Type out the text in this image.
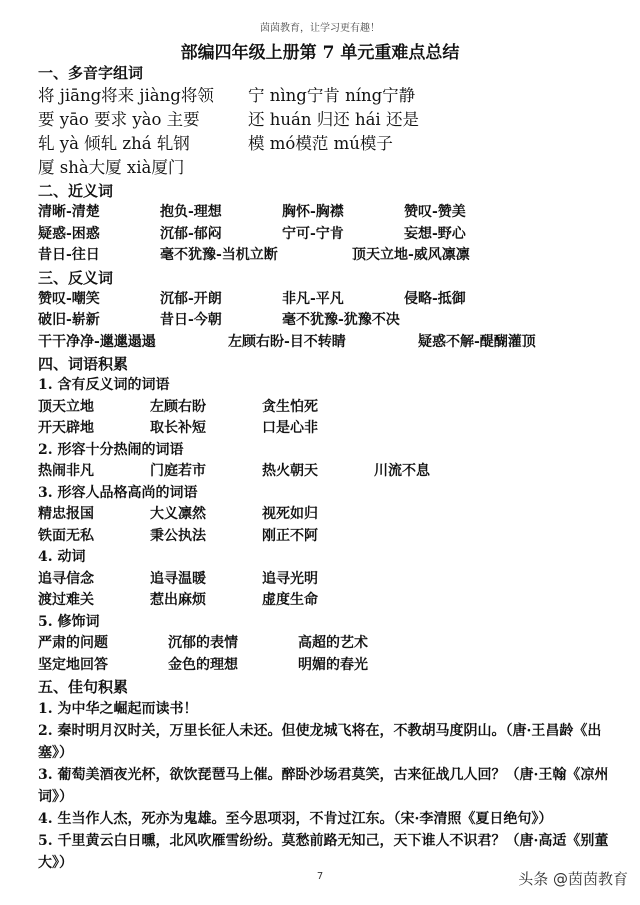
茵茵教育，让学习更有趣！
部编四年级上册第 7 单元重难点总结
一、多音字组词
将 jiāng将来 jiàng将领	宁 nìng宁肯 níng宁静
要 yāo 要求 yào 主要	还 huán 归还 hái 还是
轧 yà 倾轧 zhá 轧钢	模 mó模范 mú模子
厦 shà大厦 xià厦门
二、近义词
清晰-清楚	抱负-理想	胸怀-胸襟	赞叹-赞美
疑惑-困惑	沉郁-郁闷	宁可-宁肯	妄想-野心
昔日-往日	毫不犹豫-当机立断	顶天立地-威风凛凛
三、反义词
赞叹-嘲笑	沉郁-开朗	非凡-平凡	侵略-抵御
破旧-崭新	昔日-今朝	毫不犹豫-犹豫不决
干干净净-邋邋遢遢	左顾右盼-目不转睛	疑惑不解-醍醐灌顶
四、词语积累
1. 含有反义词的词语
顶天立地	左顾右盼	贪生怕死
开天辟地	取长补短	口是心非
2. 形容十分热闹的词语
热闹非凡	门庭若市	热火朝天	川流不息
3. 形容人品格高尚的词语
精忠报国	大义凛然	视死如归
铁面无私	秉公执法	刚正不阿
4. 动词
追寻信念	追寻温暖	追寻光明
渡过难关	惹出麻烦	虚度生命
5. 修饰词
严肃的问题	沉郁的表情	高超的艺术
坚定地回答	金色的理想	明媚的春光
五、佳句积累
1. 为中华之崛起而读书！
2. 秦时明月汉时关，万里长征人未还。但使龙城飞将在，不教胡马度阴山。（唐·王昌龄《出塞》）
3. 葡萄美酒夜光杯，欲饮琵琶马上催。醉卧沙场君莫笑，古来征战几人回？（唐·王翰《凉州词》）
4. 生当作人杰，死亦为鬼雄。至今思项羽，不肯过江东。（宋·李清照《夏日绝句》）
5. 千里黄云白日曛，北风吹雁雪纷纷。莫愁前路无知己，天下谁人不识君？（唐·高适《别董大》）
7	头条 @茵茵教育
